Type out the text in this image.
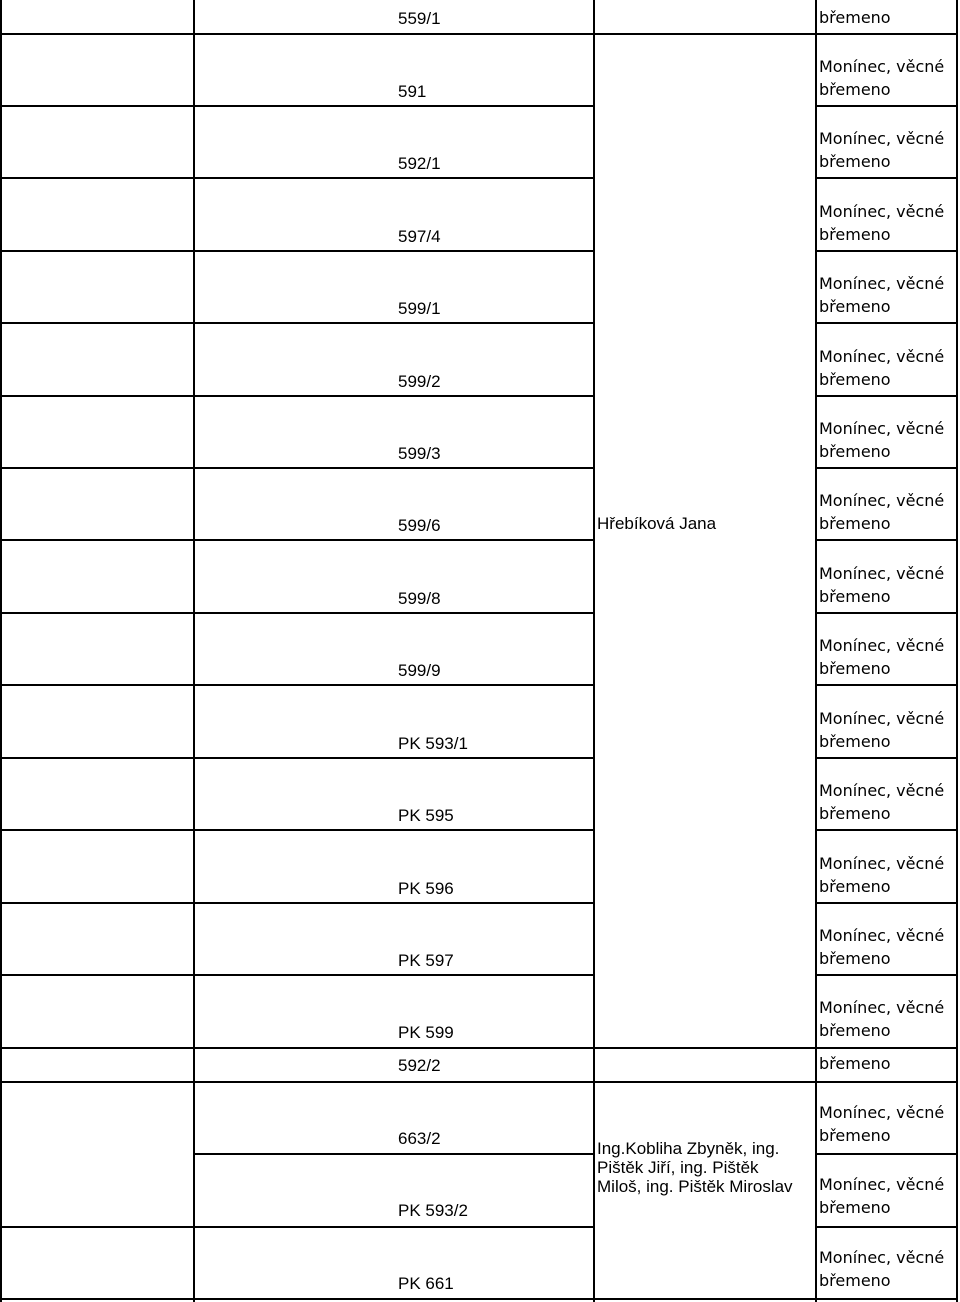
559/1
591
592/1
597/4
599/1
599/2
599/3
599/6
599/8
599/9
PK 593/1
PK 595
PK 596
PK 597
PK 599
592/2
663/2
PK 593/2
PK 661
Hřebíková Jana
Ing.Kobliha Zbyněk, ing. Pištěk Jiří, ing. Pištěk Miloš, ing. Pištěk Miroslav
břemeno
Monínec, věcné
břemeno
Monínec, věcné
břemeno
Monínec, věcné
břemeno
Monínec, věcné
břemeno
Monínec, věcné
břemeno
Monínec, věcné
břemeno
Monínec, věcné
břemeno
Monínec, věcné
břemeno
Monínec, věcné
břemeno
Monínec, věcné
břemeno
Monínec, věcné
břemeno
Monínec, věcné
břemeno
Monínec, věcné
břemeno
Monínec, věcné
břemeno
břemeno
Monínec, věcné
břemeno
Monínec, věcné
břemeno
Monínec, věcné
břemeno
